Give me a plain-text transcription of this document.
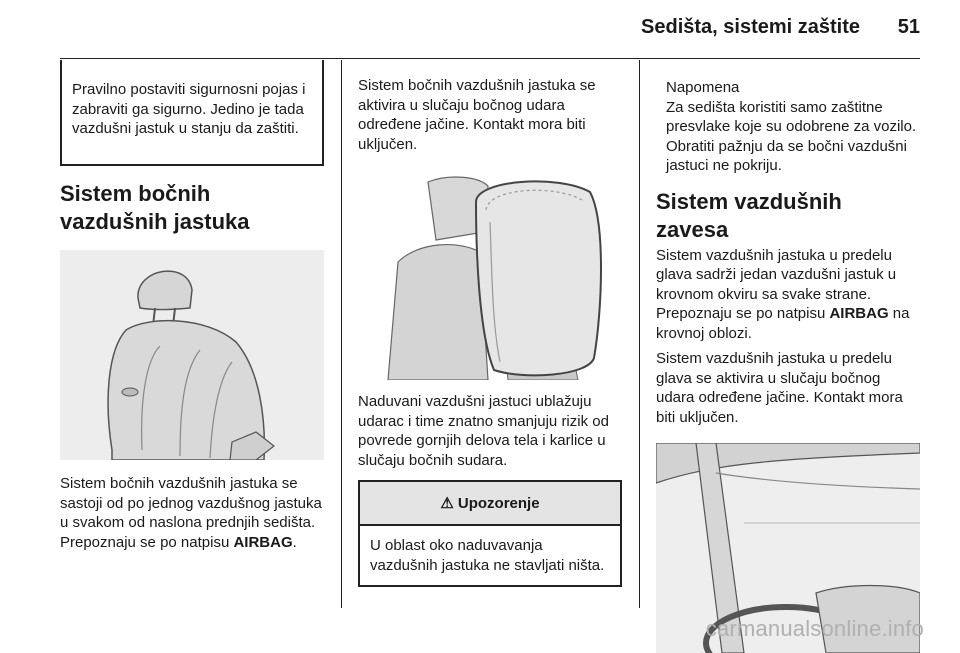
Sedišta, sistemi zaštite	51
Pravilno postaviti sigurnosni pojas i zabraviti ga sigurno. Jedino je tada vazdušni jastuk u stanju da zaštiti.
Sistem bočnih vazdušnih jastuka

Sistem bočnih vazdušnih jastuka se sastoji od po jednog vazdušnog jastuka u svakom od naslona prednjih sedišta. Prepoznaju se po natpisu AIRBAG.

Sistem bočnih vazdušnih jastuka se aktivira u slučaju bočnog udara određene jačine. Kontakt mora biti uključen.

Naduvani vazdušni jastuci ublažuju udarac i time znatno smanjuju rizik od povrede gornjih delova tela i karlice u slučaju bočnih sudara.

⚠ Upozorenje
U oblast oko naduvavanja vazdušnih jastuka ne stavljati ništa.

Napomena

Za sedišta koristiti samo zaštitne presvlake koje su odobrene za vozilo. Obratiti pažnju da se bočni vazdušni jastuci ne pokriju.

Sistem vazdušnih zavesa

Sistem vazdušnih jastuka u predelu glava sadrži jedan vazdušni jastuk u krovnom okviru sa svake strane. Prepoznaju se po natpisu AIRBAG na krovnoj oblozi.

Sistem vazdušnih jastuka u predelu glava se aktivira u slučaju bočnog udara određene jačine. Kontakt mora biti uključen.

carmanualsonline.info
